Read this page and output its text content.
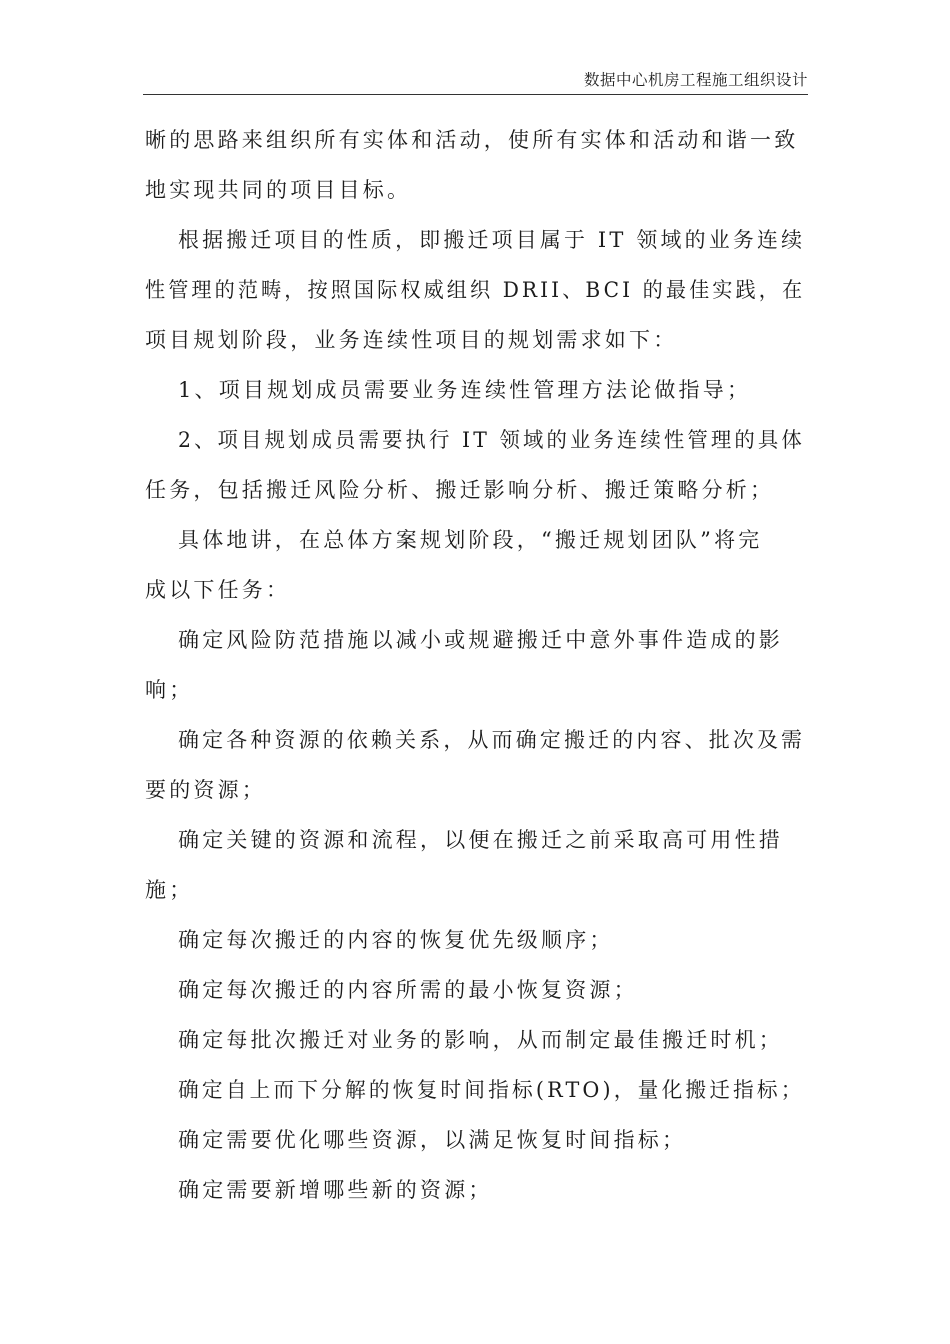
数据中心机房工程施工组织设计
晰的思路来组织所有实体和活动，使所有实体和活动和谐一致
地实现共同的项目目标。
根据搬迁项目的性质，即搬迁项目属于 IT 领域的业务连续
性管理的范畴，按照国际权威组织 DRII、BCI 的最佳实践，在
项目规划阶段，业务连续性项目的规划需求如下：
1、项目规划成员需要业务连续性管理方法论做指导；
2、项目规划成员需要执行 IT 领域的业务连续性管理的具体
任务，包括搬迁风险分析、搬迁影响分析、搬迁策略分析；
具体地讲，在总体方案规划阶段，“搬迁规划团队”将完
成以下任务：
确定风险防范措施以减小或规避搬迁中意外事件造成的影
响；
确定各种资源的依赖关系，从而确定搬迁的内容、批次及需
要的资源；
确定关键的资源和流程，以便在搬迁之前采取高可用性措
施；
确定每次搬迁的内容的恢复优先级顺序；
确定每次搬迁的内容所需的最小恢复资源；
确定每批次搬迁对业务的影响，从而制定最佳搬迁时机；
确定自上而下分解的恢复时间指标(RTO)，量化搬迁指标；
确定需要优化哪些资源，以满足恢复时间指标；
确定需要新增哪些新的资源；
